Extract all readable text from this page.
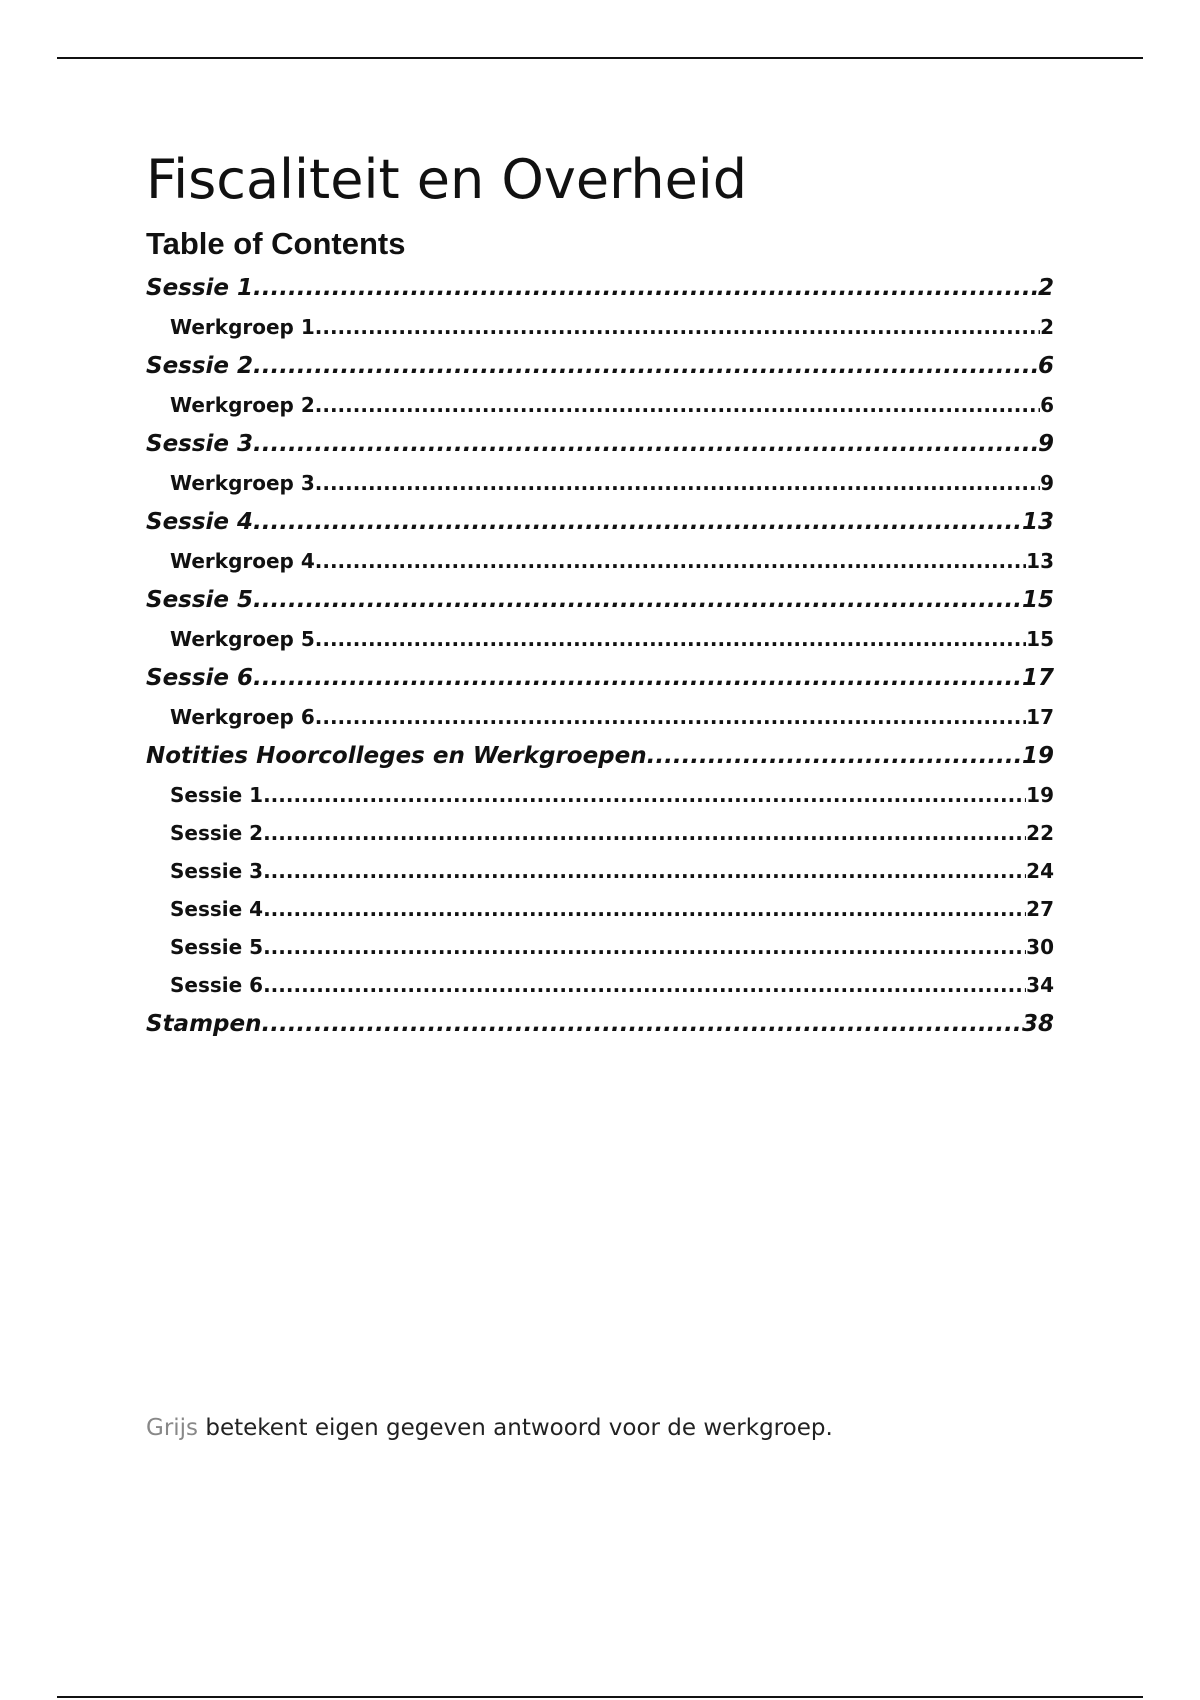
Fiscaliteit en Overheid
Table of Contents
Sessie 1 .....	2
Werkgroep 1 .....	2
Sessie 2 .....	6
Werkgroep 2 .....	6
Sessie 3 .....	9
Werkgroep 3 .....	9
Sessie 4 .....	13
Werkgroep 4 .....	13
Sessie 5 .....	15
Werkgroep 5 .....	15
Sessie 6 .....	17
Werkgroep 6 .....	17
Notities Hoorcolleges en Werkgroepen .....	19
Sessie 1 .....	19
Sessie 2 .....	22
Sessie 3 .....	24
Sessie 4 .....	27
Sessie 5 .....	30
Sessie 6 .....	34
Stampen .....	38

Grijs betekent eigen gegeven antwoord voor de werkgroep.
